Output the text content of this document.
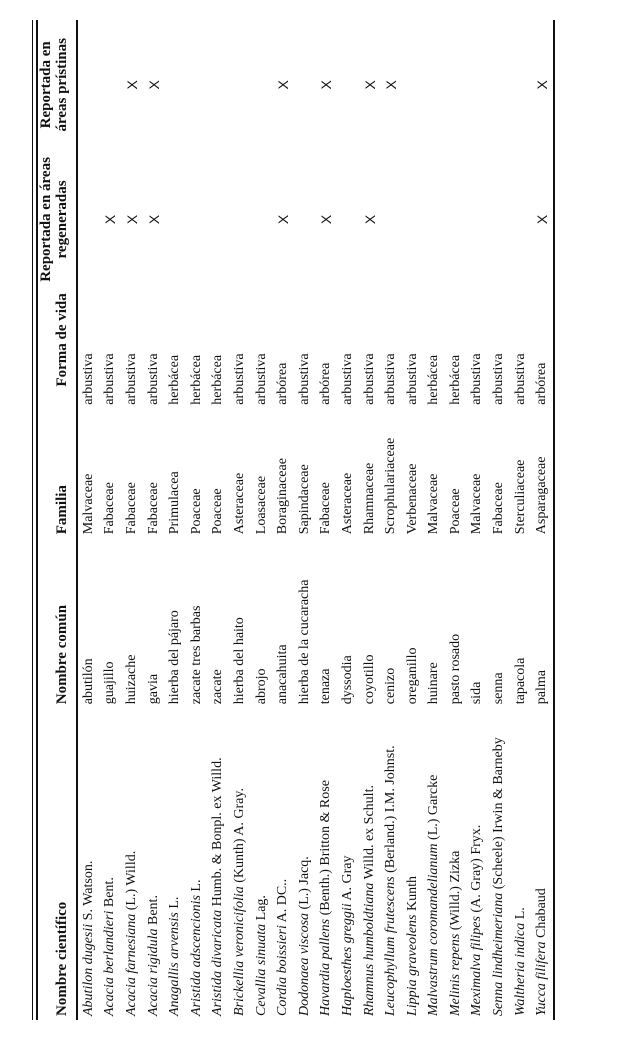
Nombre científico	Nombre común	Familia	Forma de vida	Reportada en áreas regeneradas	Reportada en áreas prístinas
Abutilon dugesii S. Watson.	abutilón	Malvaceae	arbustiva		
Acacia berlandieri Bent.	guajillo	Fabaceae	arbustiva	X	
Acacia farnesiana (L.) Willd.	huizache	Fabaceae	arbustiva	X	X
Acacia rigidula Bent.	gavia	Fabaceae	arbustiva	X	X
Anagallis arvensis L.	hierba del pájaro	Primulacea	herbácea		
Aristida adscencionis L.	zacate tres barbas	Poaceae	herbácea		
Aristida divaricata Humb. & Bonpl. ex Willd.	zacate	Poaceae	herbácea		
Brickellia veronicifolia (Kunth) A. Gray.	hierba del haito	Asteraceae	arbustiva		
Cevallia sinuata Lag.	abrojo	Loasaceae	arbustiva		
Cordia boissieri A. DC..	anacahuita	Boraginaceae	arbórea	X	X
Dodonaea viscosa (L.) Jacq.	hierba de la cucaracha	Sapindaceae	arbustiva		
Havardia pallens (Benth.) Britton & Rose	tenaza	Fabaceae	arbórea	X	X
Haploesthes greggii A. Gray	dyssodia	Asteraceae	arbustiva		
Rhamnus humboldtiana Willd. ex Schult.	coyotillo	Rhamnaceae	arbustiva	X	X
Leucophyllum frutescens (Berland.) I.M. Johnst.	cenizo	Scrophulariaceae	arbustiva		X
Lippia graveolens Kunth	oreganillo	Verbenaceae	arbustiva		
Malvastrum coromandelianum (L.) Garcke	huinare	Malvaceae	herbácea		
Melinis repens (Willd.) Zizka	pasto rosado	Poaceae	herbácea		
Meximalva filipes (A. Gray) Fryx.	sida	Malvaceae	arbustiva		
Senna lindheimeriana (Scheele) Irwin & Barneby	senna	Fabaceae	arbustiva		
Waltheria indica L.	tapacola	Sterculiaceae	arbustiva		
Yucca filifera Chabaud	palma	Asparagaceae	arbórea	X	X
